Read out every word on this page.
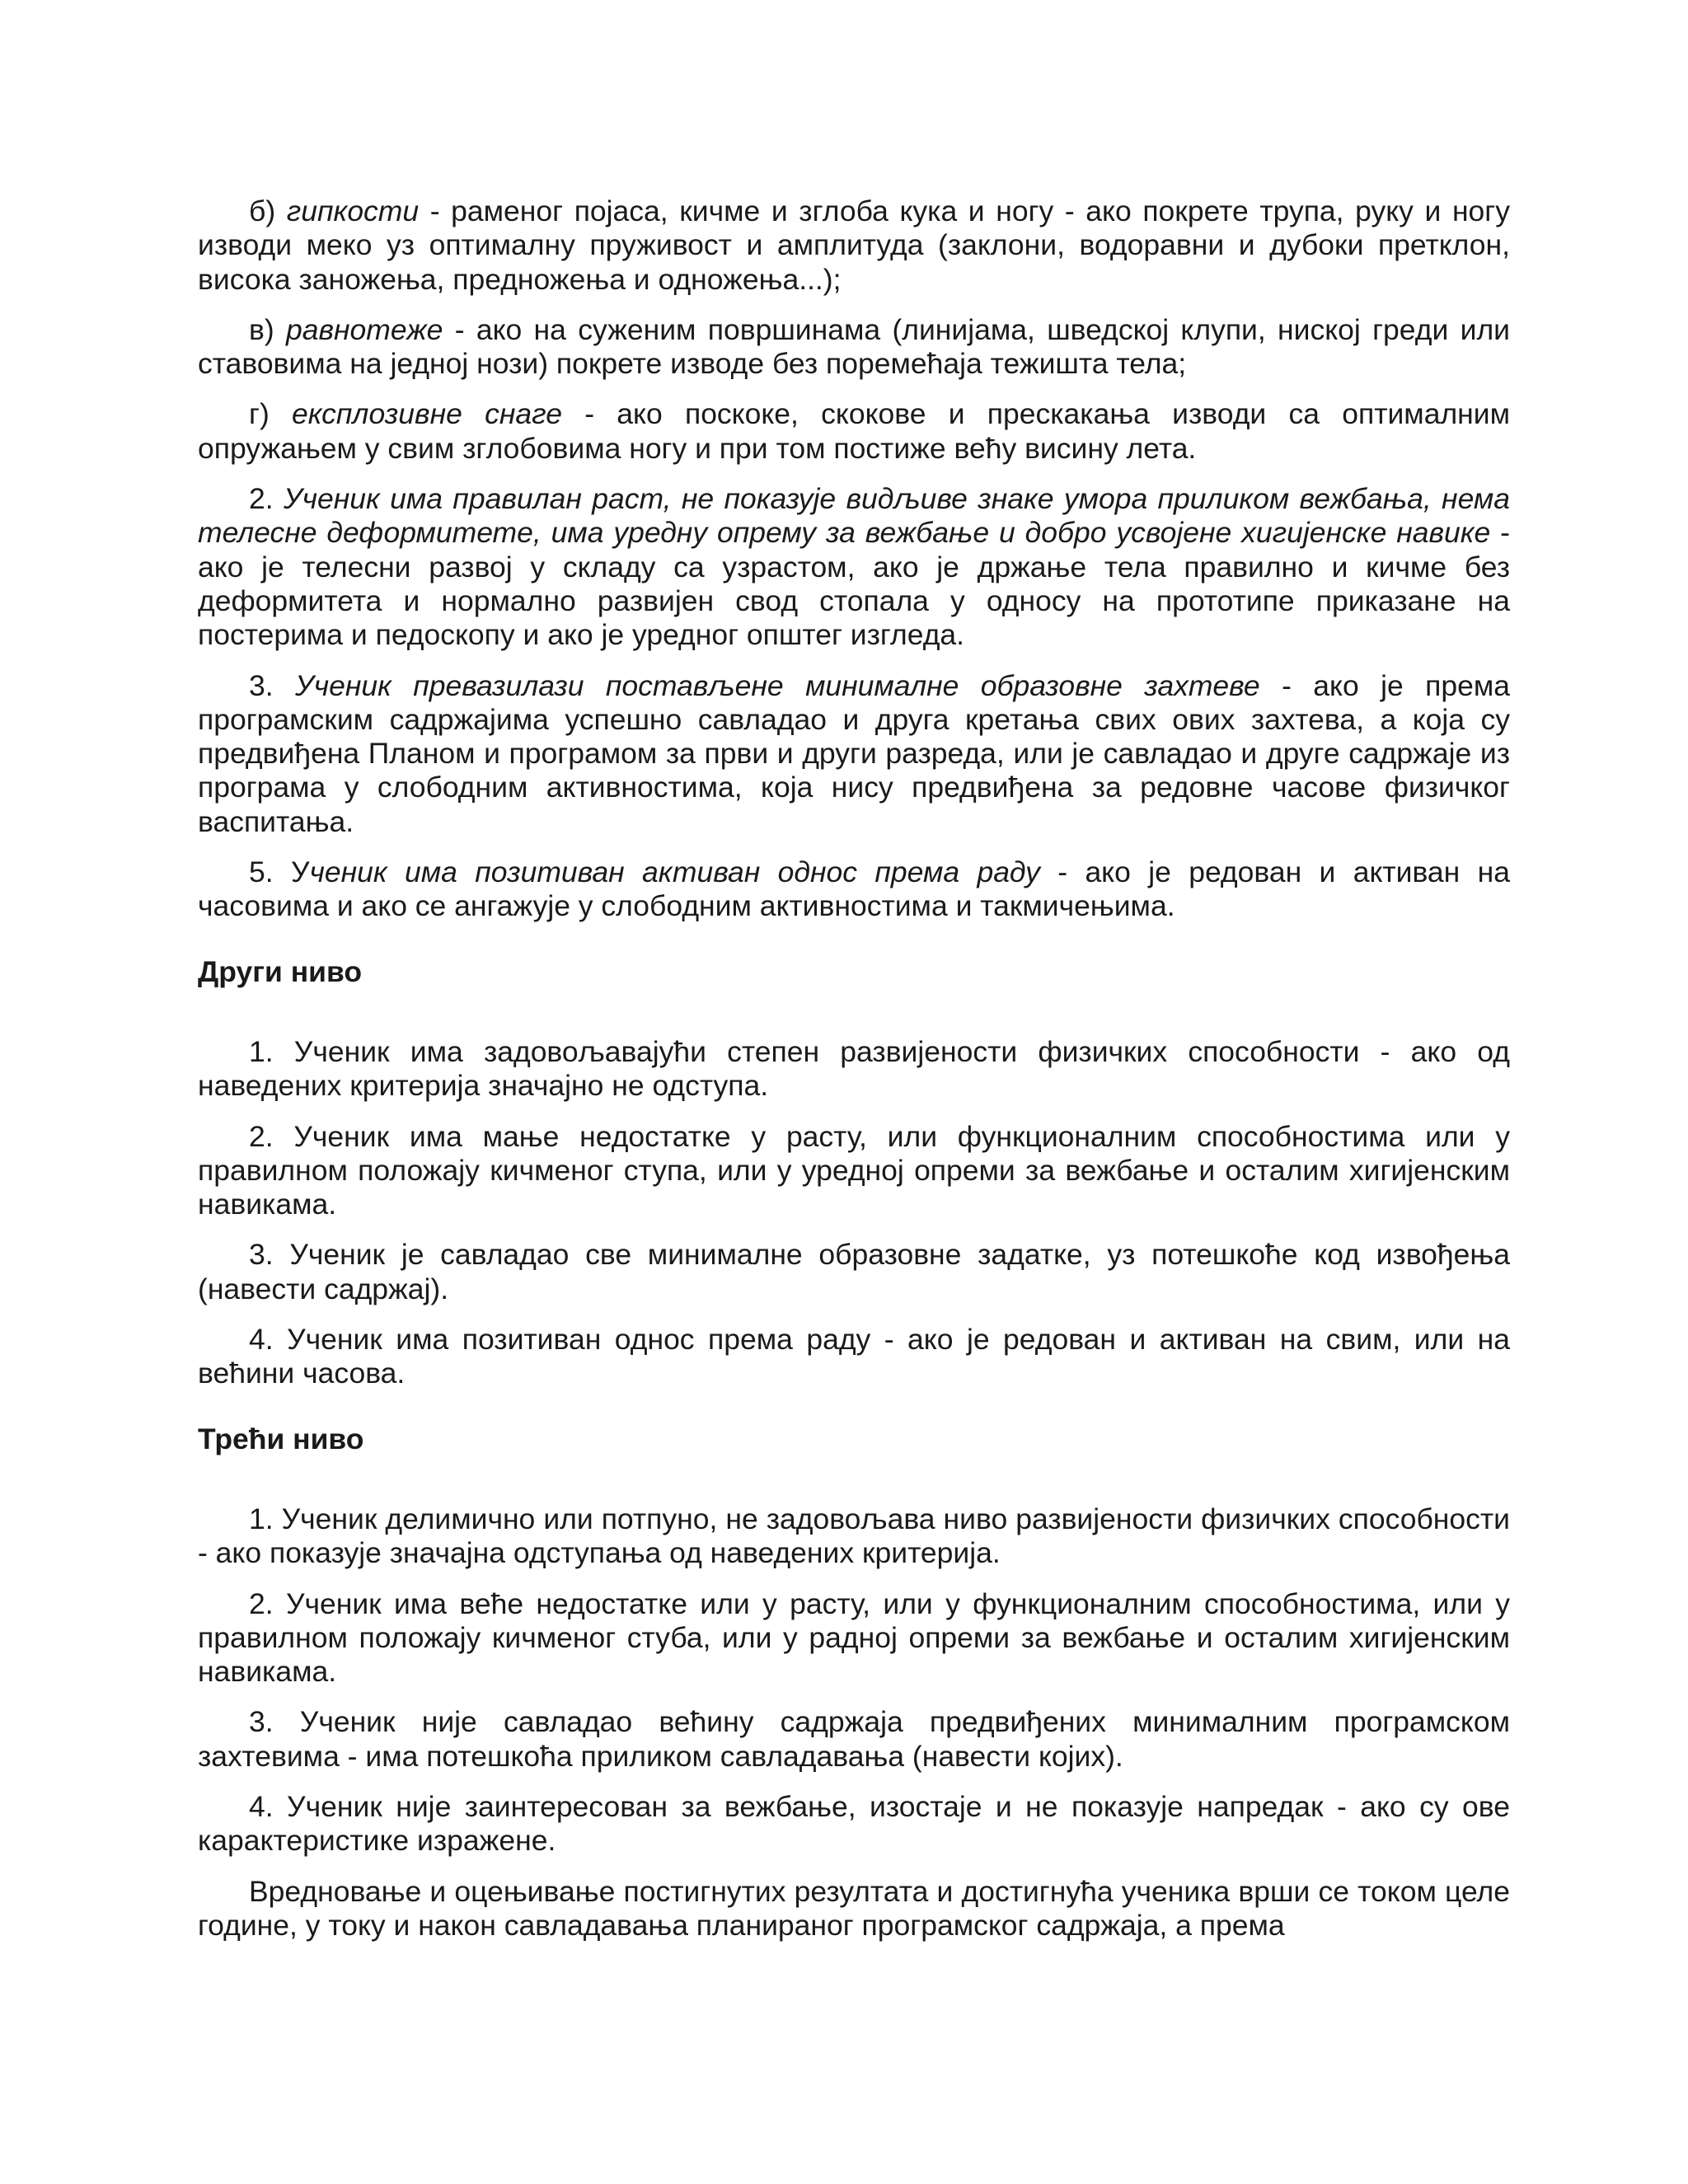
б) гипкости - раменог појаса, кичме и зглоба кука и ногу - ако покрете трупа, руку и ногу изводи меко уз оптималну пруживост и амплитуда (заклони, водоравни и дубоки претклон, висока заножења, предножења и одножења...);

в) равнотеже - ако на суженим површинама (линијама, шведској клупи, ниској греди или ставовима на једној нози) покрете изводе без поремећаја тежишта тела;

г) експлозивне снаге - ако поскоке, скокове и прескакања изводи са оптималним опружањем у свим зглобовима ногу и при том постиже већу висину лета.

2. Ученик има правилан раст, не показује видљиве знаке умора приликом вежбања, нема телесне деформитете, има уредну опрему за вежбање и добро усвојене хигијенске навике - ако је телесни развој у складу са узрастом, ако је држање тела правилно и кичме без деформитета и нормално развијен свод стопала у односу на прототипе приказане на постерима и педоскопу и ако је уредног општег изгледа.

3. Ученик превазилази постављене минималне образовне захтеве - ако је према програмским садржајима успешно савладао и друга кретања свих ових захтева, а која су предвиђена Планом и програмом за први и други разреда, или је савладао и друге садржаје из програма у слободним активностима, која нису предвиђена за редовне часове физичког васпитања.

5. Ученик има позитиван активан однос према раду - ако је редован и активан на часовима и ако се ангажује у слободним активностима и такмичењима.

Други ниво

1. Ученик има задовољавајући степен развијености физичких способности - ако од наведених критерија значајно не одступа.

2. Ученик има мање недостатке у расту, или функционалним способностима или у правилном положају кичменог ступа, или у уредној опреми за вежбање и осталим хигијенским навикама.

3. Ученик је савладао све минималне образовне задатке, уз потешкоће код извођења (навести садржај).

4. Ученик има позитиван однос према раду - ако је редован и активан на свим, или на већини часова.

Трећи ниво

1. Ученик делимично или потпуно, не задовољава ниво развијености физичких способности - ако показује значајна одступања од наведених критерија.

2. Ученик има веће недостатке или у расту, или у функционалним способностима, или у правилном положају кичменог стуба, или у радној опреми за вежбање и осталим хигијенским навикама.

3. Ученик није савладао већину садржаја предвиђених минималним програмском захтевима - има потешкоћа приликом савладавања (навести којих).

4. Ученик није заинтересован за вежбање, изостаје и не показује напредак - ако су ове карактеристике изражене.

Вредновање и оцењивање постигнутих резултата и достигнућа ученика врши се током целе године, у току и након савладавања планираног програмског садржаја, а према
